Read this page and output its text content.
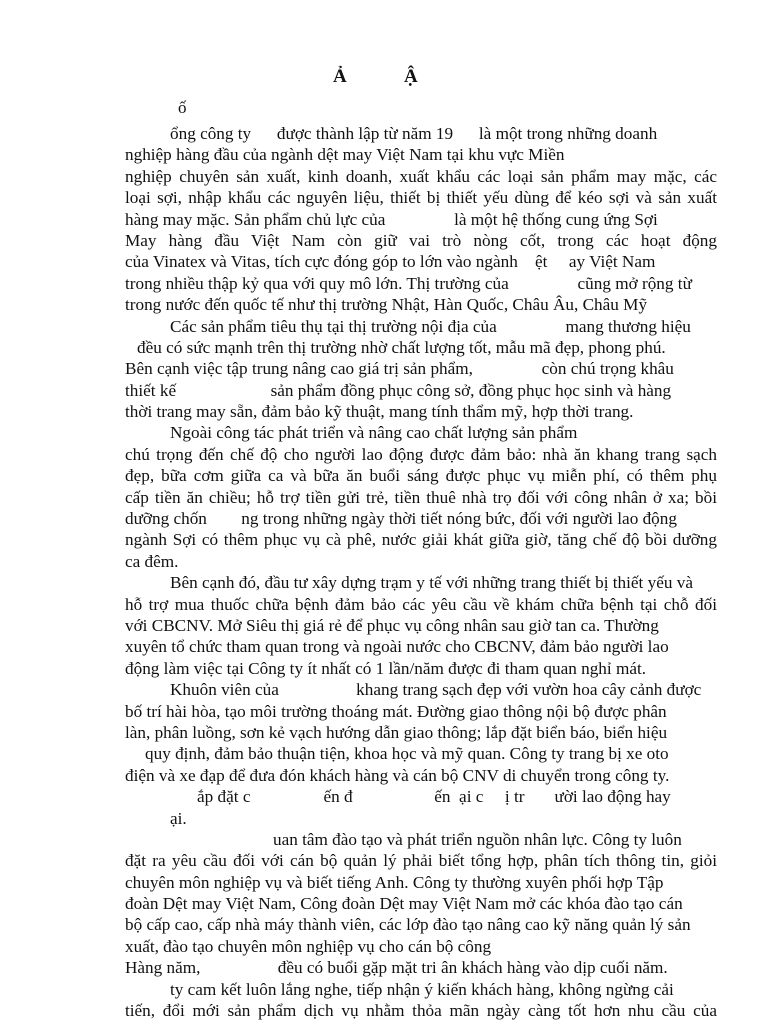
Ả	Ậ
ố
ổng công ty      được thành lập từ năm 19      là một trong những doanh
nghiệp hàng đầu của ngành dệt may Việt Nam tại khu vực Miền
nghiệp chuyên sản xuất, kinh doanh, xuất khẩu các loại sản phẩm may mặc, các
loại sợi, nhập khẩu các nguyên liệu, thiết bị thiết yếu dùng để kéo sợi và sản xuất
hàng may mặc. Sản phẩm chủ lực của                là một hệ thống cung ứng Sợi
May hàng đầu Việt Nam còn giữ vai trò nòng cốt, trong các hoạt động
của Vinatex và Vitas, tích cực đóng góp to lớn vào ngành    ệt     ay Việt Nam
trong nhiều thập kỷ qua với quy mô lớn. Thị trường của                cũng mở rộng từ
trong nước đến quốc tế như thị trường Nhật, Hàn Quốc, Châu Âu, Châu Mỹ
Các sản phẩm tiêu thụ tại thị trường nội địa của                mang thương hiệu
đều có sức mạnh trên thị trường nhờ chất lượng tốt, mẫu mã đẹp, phong phú.
Bên cạnh việc tập trung nâng cao giá trị sản phẩm,                còn chú trọng khâu
thiết kế                      sản phẩm đồng phục công sở, đồng phục học sinh và hàng
thời trang may sẵn, đảm bảo kỹ thuật, mang tính thẩm mỹ, hợp thời trang.
Ngoài công tác phát triển và nâng cao chất lượng sản phẩm
chú trọng đến chế độ cho người lao động được đảm bảo: nhà ăn khang trang sạch
đẹp, bữa cơm giữa ca và bữa ăn buổi sáng được phục vụ miễn phí, có thêm phụ
cấp tiền ăn chiều; hỗ trợ tiền gửi trẻ, tiền thuê nhà trọ đối với công nhân ở xa; bồi
dưỡng chốn        ng trong những ngày thời tiết nóng bức, đối với người lao động
ngành Sợi có thêm phục vụ cà phê, nước giải khát giữa giờ, tăng chế độ bồi dưỡng
ca đêm.
Bên cạnh đó, đầu tư xây dựng trạm y tế với những trang thiết bị thiết yếu và
hỗ trợ mua thuốc chữa bệnh đảm bảo các yêu cầu về khám chữa bệnh tại chỗ đối
với CBCNV. Mở Siêu thị giá rẻ để phục vụ công nhân sau giờ tan ca. Thường
xuyên tổ chức tham quan trong và ngoài nước cho CBCNV, đảm bảo người lao
động làm việc tại Công ty ít nhất có 1 lần/năm được đi tham quan nghỉ mát.
Khuôn viên của                  khang trang sạch đẹp với vườn hoa cây cảnh được
bố trí hài hòa, tạo môi trường thoáng mát. Đường giao thông nội bộ được phân
làn, phân luồng, sơn kẻ vạch hướng dẫn giao thông; lắp đặt biển báo, biển hiệu
quy định, đảm bảo thuận tiện, khoa học và mỹ quan. Công ty trang bị xe oto
điện và xe đạp để đưa đón khách hàng và cán bộ CNV di chuyển trong công ty.
ắp đặt c                 ến đ                   ến  ại c     ị tr       ười lao động hay
ại.
uan tâm đào tạo và phát triển nguồn nhân lực. Công ty luôn
đặt ra yêu cầu đối với cán bộ quản lý phải biết tổng hợp, phân tích thông tin, giỏi
chuyên môn nghiệp vụ và biết tiếng Anh. Công ty thường xuyên phối hợp Tập
đoàn Dệt may Việt Nam, Công đoàn Dệt may Việt Nam mở các khóa đào tạo cán
bộ cấp cao, cấp nhà máy thành viên, các lớp đào tạo nâng cao kỹ năng quản lý sản
xuất, đào tạo chuyên môn nghiệp vụ cho cán bộ công
Hàng năm,                  đều có buổi gặp mặt tri ân khách hàng vào dịp cuối năm.
ty cam kết luôn lắng nghe, tiếp nhận ý kiến khách hàng, không ngừng cải
tiến, đổi mới sản phẩm dịch vụ nhằm thỏa mãn ngày càng tốt hơn nhu cầu của
